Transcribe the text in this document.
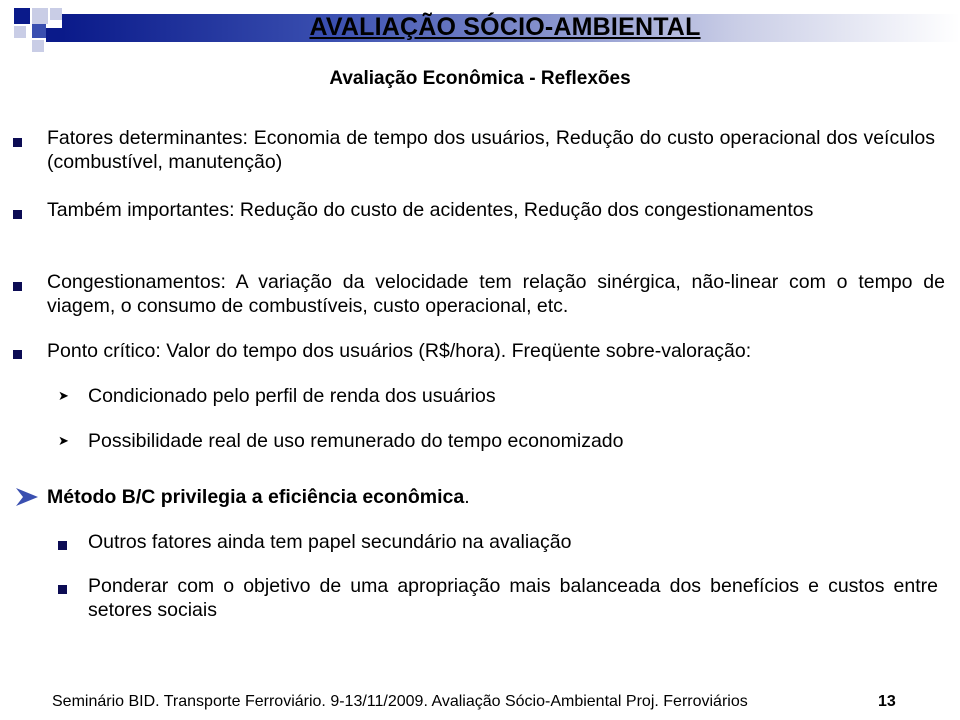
AVALIAÇÃO SÓCIO-AMBIENTAL
Avaliação Econômica - Reflexões
Fatores determinantes: Economia de tempo dos usuários, Redução do custo operacional dos veículos (combustível, manutenção)
Também importantes: Redução do custo de acidentes, Redução dos congestionamentos
Congestionamentos: A variação da velocidade tem relação sinérgica, não-linear com o tempo de viagem, o consumo de combustíveis, custo operacional, etc.
Ponto crítico: Valor do tempo dos usuários (R$/hora). Freqüente sobre-valoração:
➤ Condicionado pelo perfil de renda dos usuários
➤ Possibilidade real de uso remunerado do tempo economizado
Método B/C privilegia a eficiência econômica.
Outros fatores ainda tem papel secundário na avaliação
Ponderar com o objetivo de uma apropriação mais balanceada dos benefícios e custos entre setores sociais
Seminário BID. Transporte Ferroviário. 9-13/11/2009. Avaliação Sócio-Ambiental Proj. Ferroviários	13
